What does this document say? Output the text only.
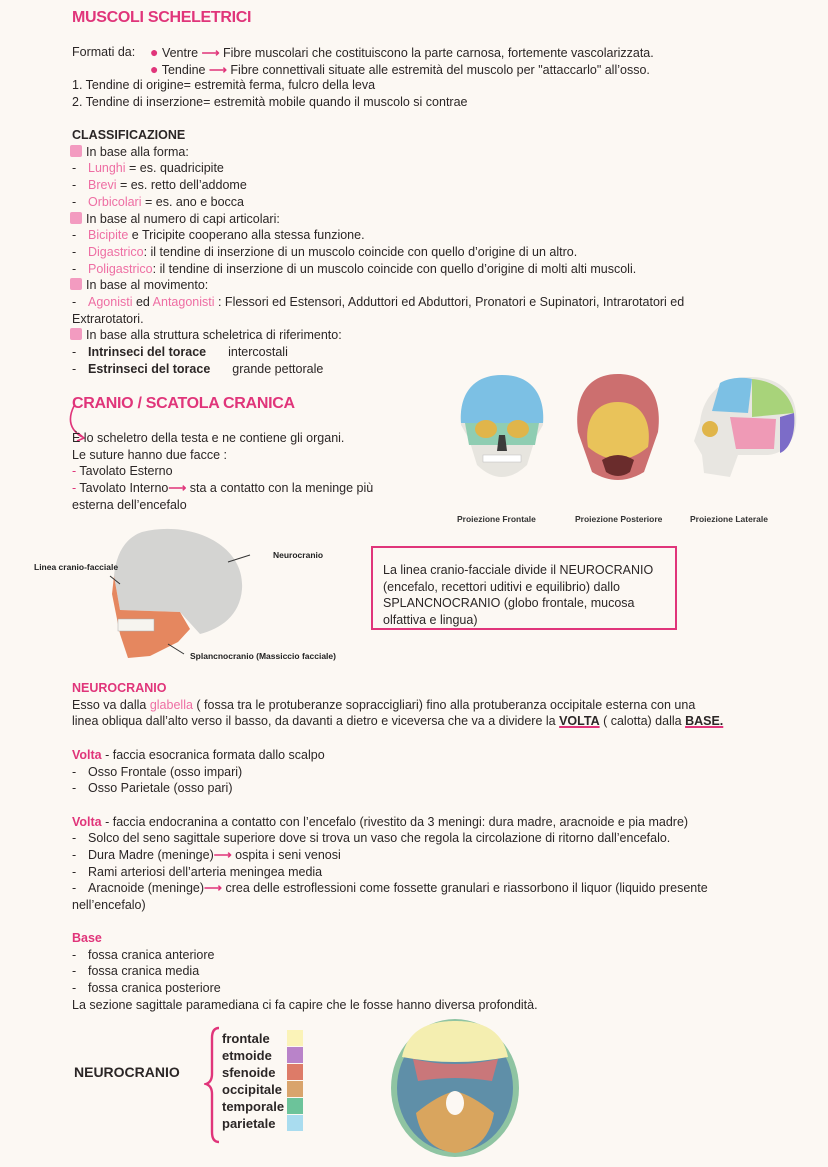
MUSCOLI SCHELETRICI
Formati da: ● Ventre ⟶ Fibre muscolari che costituiscono la parte carnosa, fortemente vascolarizzata.
● Tendine ⟶ Fibre connettivali situate alle estremità del muscolo per "attaccarlo" all’osso.
1. Tendine di origine= estremità ferma, fulcro della leva
2. Tendine di inserzione= estremità mobile quando il muscolo si contrae
CLASSIFICAZIONE
In base alla forma:
- Lunghi = es. quadricipite
- Brevi = es. retto dell’addome
- Orbicolari = es. ano e bocca
In base al numero di capi articolari:
- Bicipite e Tricipite cooperano alla stessa funzione.
- Digastrico: il tendine di inserzione di un muscolo coincide con quello d’origine di un altro.
- Poligastrico: il tendine di inserzione di un muscolo coincide con quello d’origine di molti alti muscoli.
In base al movimento:
- Agonisti ed Antagonisti : Flessori ed Estensori, Adduttori ed Abduttori, Pronatori e Supinatori, Intrarotatori ed
Extrarotatori.
In base alla struttura scheletrica di riferimento:
- Intrinseci del torace intercostali
- Estrinseci del torace grande pettorale
CRANIO / SCATOLA CRANICA
È lo scheletro della testa e ne contiene gli organi.
Le suture hanno due facce :
- Tavolato Esterno
- Tavolato Interno⟶ sta a contatto con la meninge più
esterna dell’encefalo
Proiezione Frontale	Proiezione Posteriore	Proiezione Laterale
Linea cranio-facciale
Neurocranio
Splancnocranio (Massiccio facciale)
La linea cranio-facciale divide il NEUROCRANIO
(encefalo, recettori uditivi e equilibrio) dallo
SPLANCNOCRANIO (globo frontale, mucosa
olfattiva e lingua)
NEUROCRANIO
Esso va dalla glabella ( fossa tra le protuberanze sopraccigliari) fino alla protuberanza occipitale esterna con una
linea obliqua dall’alto verso il basso, da davanti a dietro e viceversa che va a dividere la VOLTA ( calotta) dalla BASE.
Volta - faccia esocranica formata dallo scalpo
- Osso Frontale (osso impari)
- Osso Parietale (osso pari)
Volta - faccia endocranina a contatto con l’encefalo (rivestito da 3 meningi: dura madre, aracnoide e pia madre)
- Solco del seno sagittale superiore dove si trova un vaso che regola la circolazione di ritorno dall’encefalo.
- Dura Madre (meninge)⟶ ospita i seni venosi
- Rami arteriosi dell’arteria meningea media
- Aracnoide (meninge)⟶ crea delle estroflessioni come fossette granulari e riassorbono il liquor (liquido presente
nell’encefalo)
Base
- fossa cranica anteriore
- fossa cranica media
- fossa cranica posteriore
La sezione sagittale paramediana ci fa capire che le fosse hanno diversa profondità.
NEUROCRANIO
frontale
etmoide
sfenoide
occipitale
temporale
parietale
